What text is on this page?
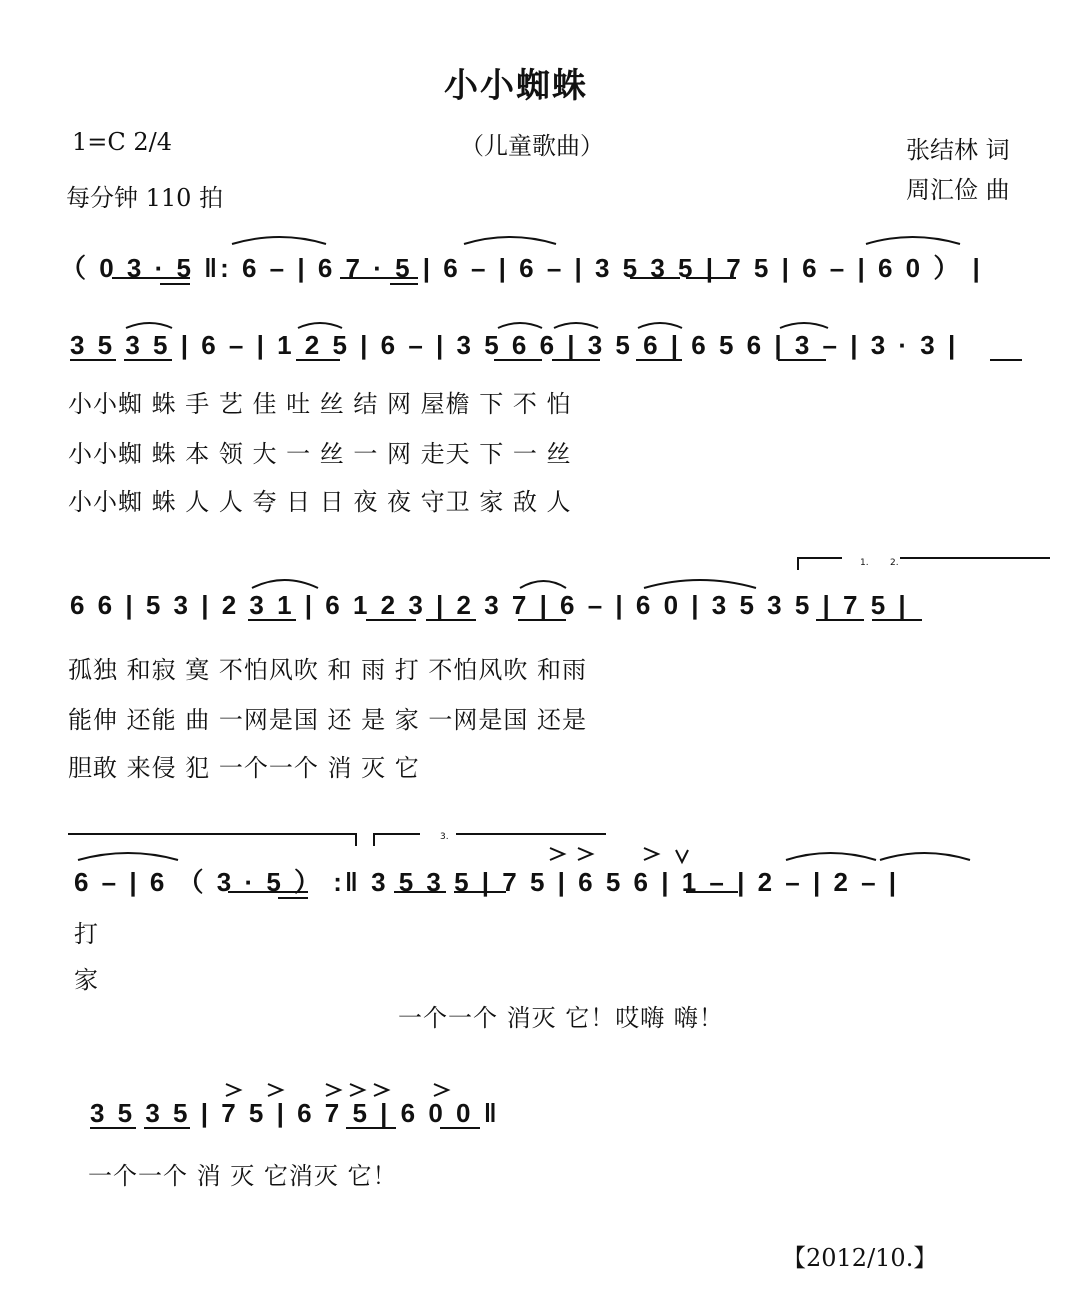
小小蜘蛛
1=C 2/4	（儿童歌曲）
每分钟 110 拍
张结林 词
周汇俭 曲
（ 0 3 · 5 ‖: 6 – | 6 7 · 5 | 6 – | 6 – | 3 5 3 5 | 7 5 | 6 – | 6 0 ） |
3 5 3 5 | 6 – | 1 2 5 | 6 – | 3 5 6 6 | 3 5 6 | 6 5 6 | 3 – | 3 · 3 |
6 6 | 5 3 | 2 3 1 | 6 1 2 3 | 2 3 7 | 6 – | 6 0 | 3 5 3 5 | 7 5 |
6 – | 6 （ 3 · 5 ） :‖ 3 5 3 5 | 7 5 | 6 5 6 | 1 – | 2 – | 2 – |
3 5 3 5 | 7 5 | 6 7 5 | 6 0 0 ‖
1. 2.
3.
小小蜘 蛛 手 艺 佳 吐 丝 结 网 屋檐 下 不 怕
小小蜘 蛛 本 领 大 一 丝 一 网 走天 下 一 丝
小小蜘 蛛 人 人 夸 日 日 夜 夜 守卫 家 敌 人
孤独 和寂 寞 不怕风吹 和 雨 打 不怕风吹 和雨
能伸 还能 曲 一网是国 还 是 家 一网是国 还是
胆敢 来侵 犯 一个一个 消 灭 它
打
家
一个一个 消灭 它！哎嗨 嗨！
一个一个 消 灭 它消灭 它！
【2012/10.】
